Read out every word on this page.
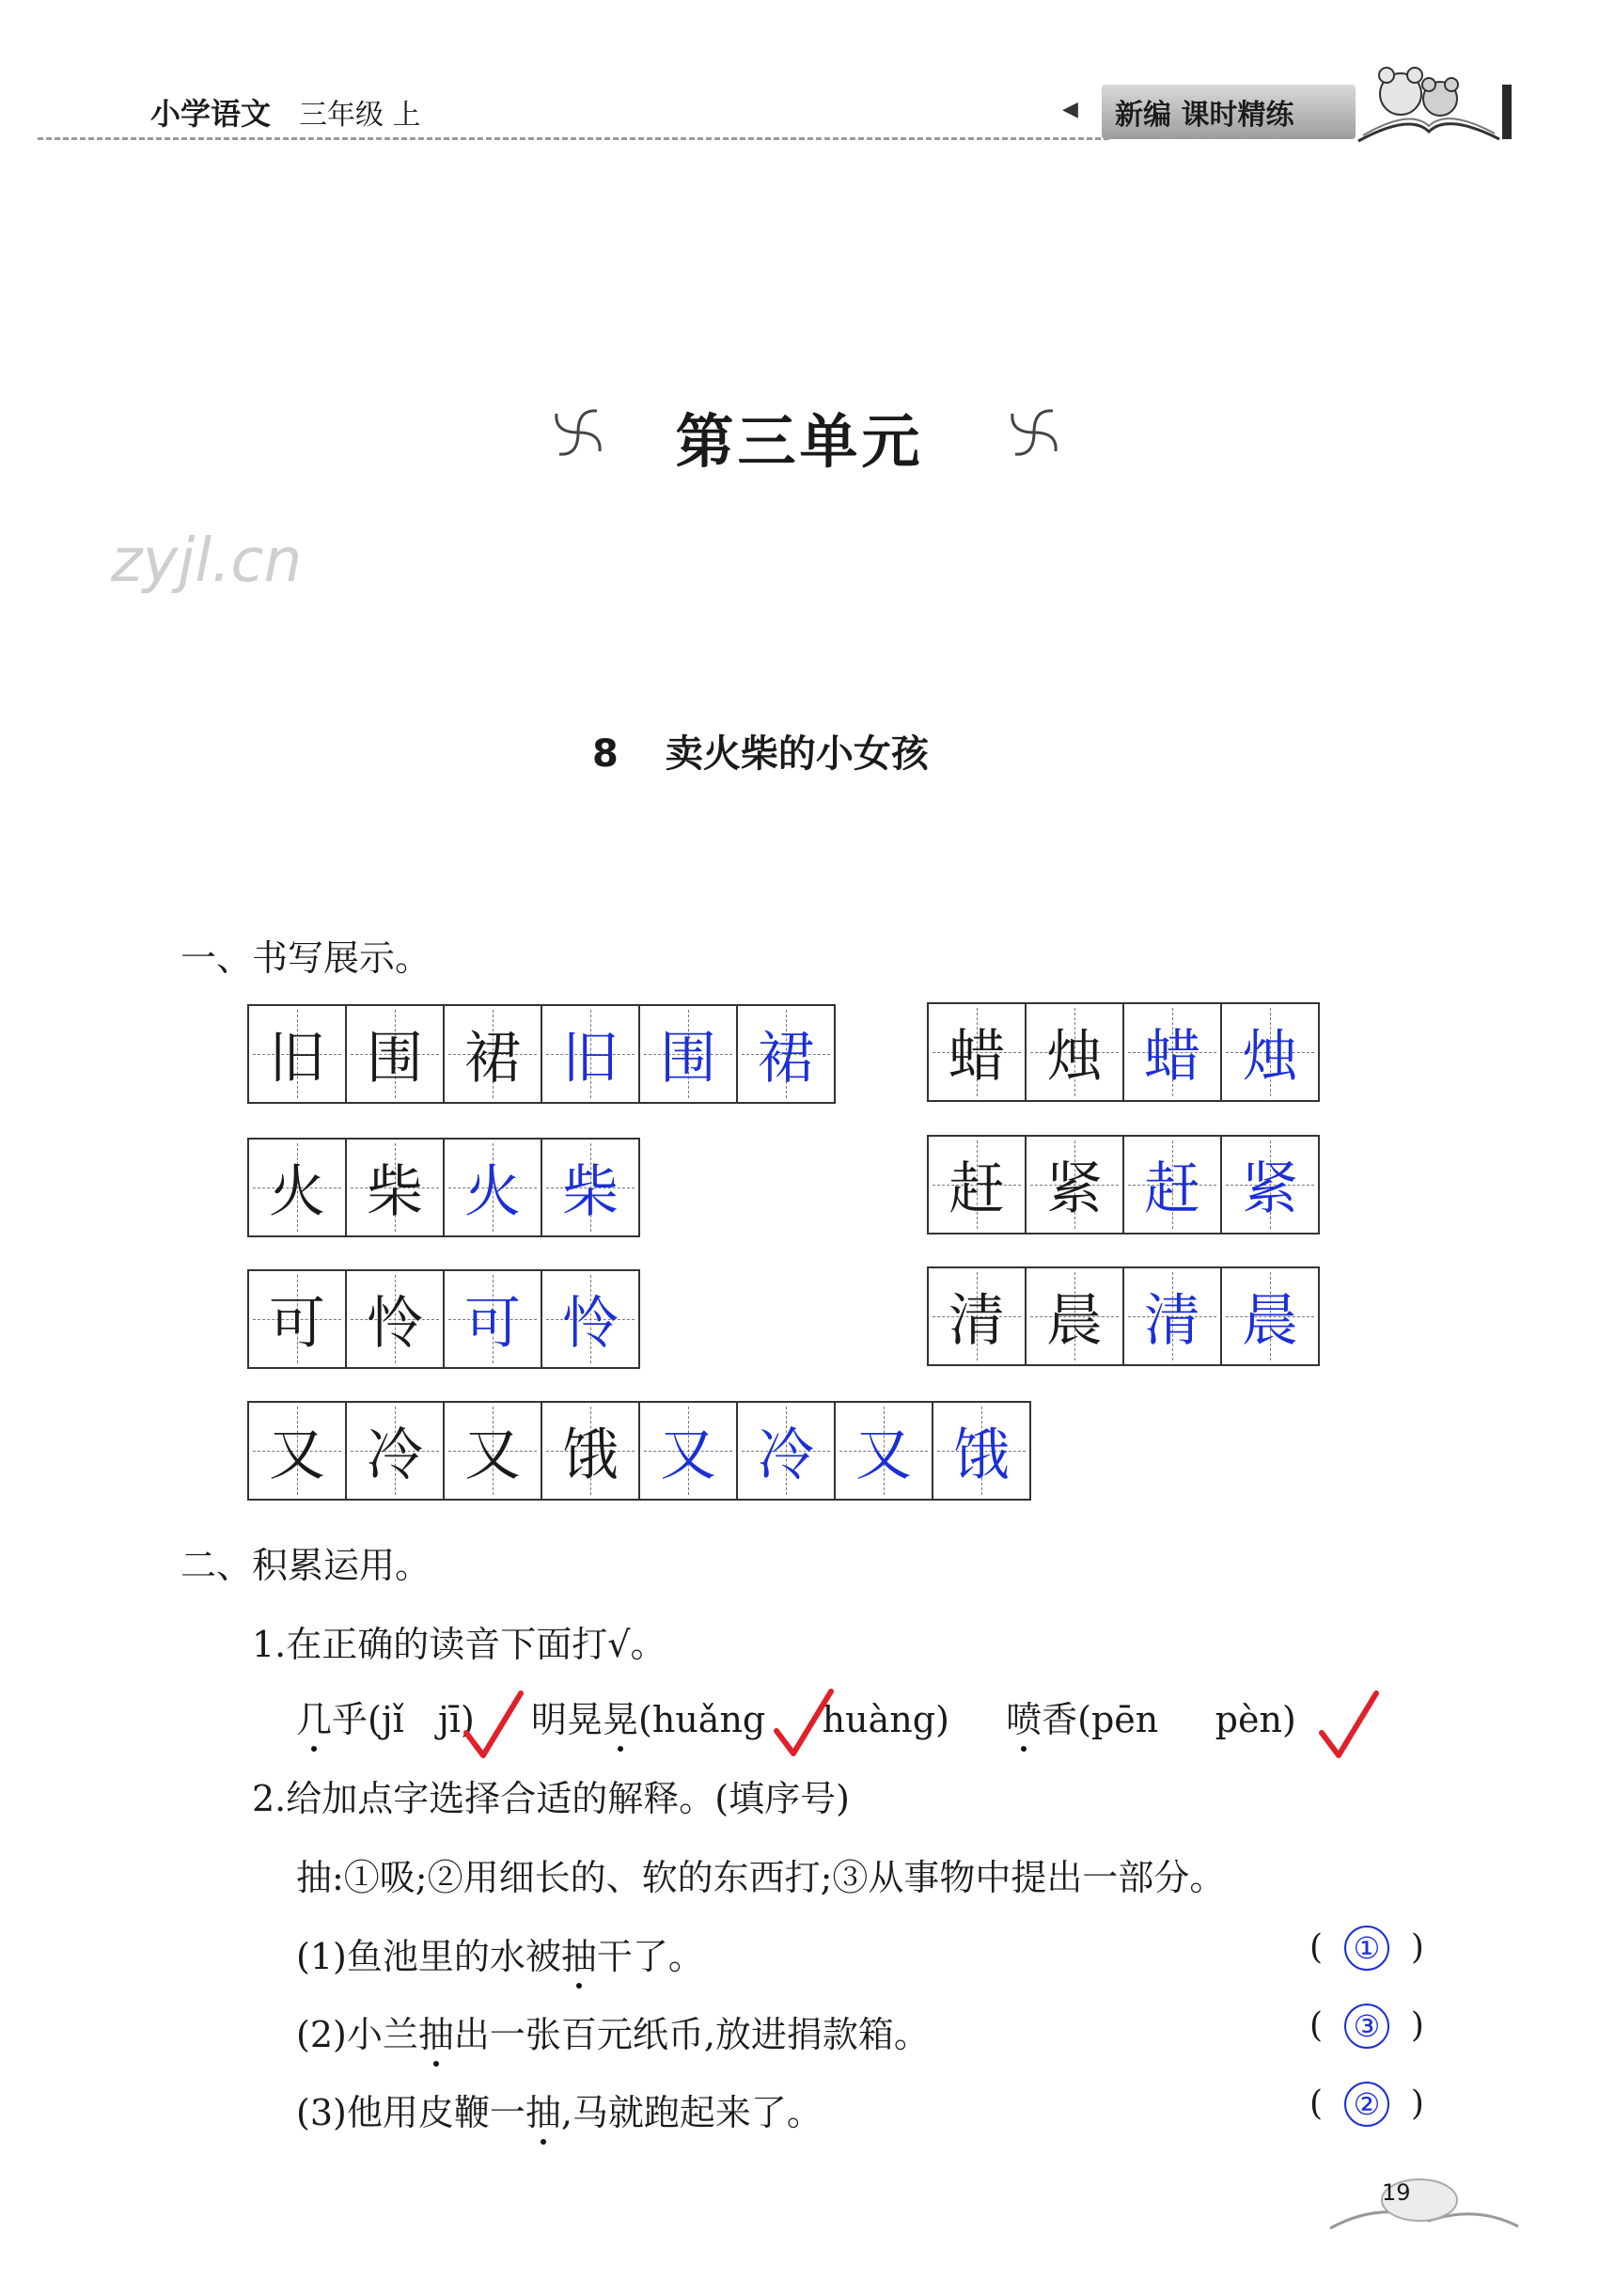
小学语文 三年级 上	◀ 新编 课时精练
第三单元
zyjl.cn
8 卖火柴的小女孩
一、书写展示。
旧 围 裙 旧 围 裙 蜡 烛 蜡 烛
火 柴 火 柴	赶 紧 赶 紧
可 怜 可 怜	清 晨 清 晨
又 冷 又 饿 又 冷 又 饿
二、积累运用。
1.在正确的读音下面打√。
几乎(jǐ jī) 明晃晃(huǎng huàng) 喷香(pēn pèn)
2.给加点字选择合适的解释。(填序号)
抽:①吸;②用细长的、软的东西打;③从事物中提出一部分。
(1)鱼池里的水被抽干了。	(  ①  )
(2)小兰抽出一张百元纸币,放进捐款箱。	(  ③  )
(3)他用皮鞭一抽,马就跑起来了。	(  ②  )
19
